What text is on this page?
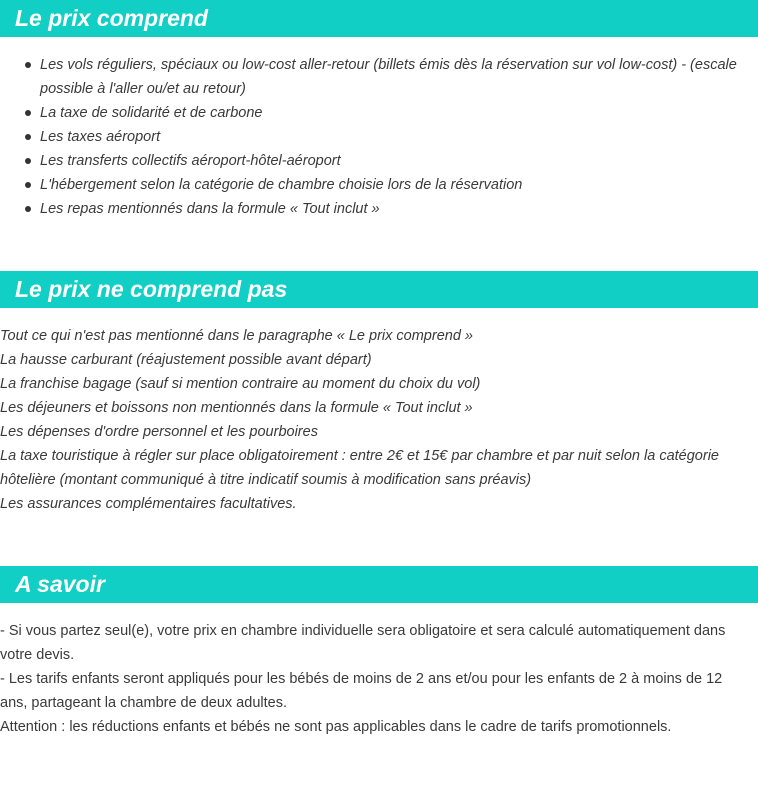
Le prix comprend
Les vols réguliers, spéciaux ou low-cost aller-retour (billets émis dès la réservation sur vol low-cost) - (escale possible à l'aller ou/et au retour)
La taxe de solidarité et de carbone
Les taxes aéroport
Les transferts collectifs aéroport-hôtel-aéroport
L'hébergement selon la catégorie de chambre choisie lors de la réservation
Les repas mentionnés dans la formule « Tout inclut »
Le prix ne comprend pas

Tout ce qui n'est pas mentionné dans le paragraphe « Le prix comprend »

La hausse carburant (réajustement possible avant départ)

La franchise bagage (sauf si mention contraire au moment du choix du vol)

Les déjeuners et boissons non mentionnés dans la formule « Tout inclut »

Les dépenses d'ordre personnel et les pourboires

La taxe touristique à régler sur place obligatoirement : entre 2€ et 15€ par chambre et par nuit selon la catégorie hôtelière (montant communiqué à titre indicatif soumis à modification sans préavis)

Les assurances complémentaires facultatives.

A savoir

- Si vous partez seul(e), votre prix en chambre individuelle sera obligatoire et sera calculé automatiquement dans votre devis.

- Les tarifs enfants seront appliqués pour les bébés de moins de 2 ans et/ou pour les enfants de 2 à moins de 12 ans, partageant la chambre de deux adultes.

Attention : les réductions enfants et bébés ne sont pas applicables dans le cadre de tarifs promotionnels.
